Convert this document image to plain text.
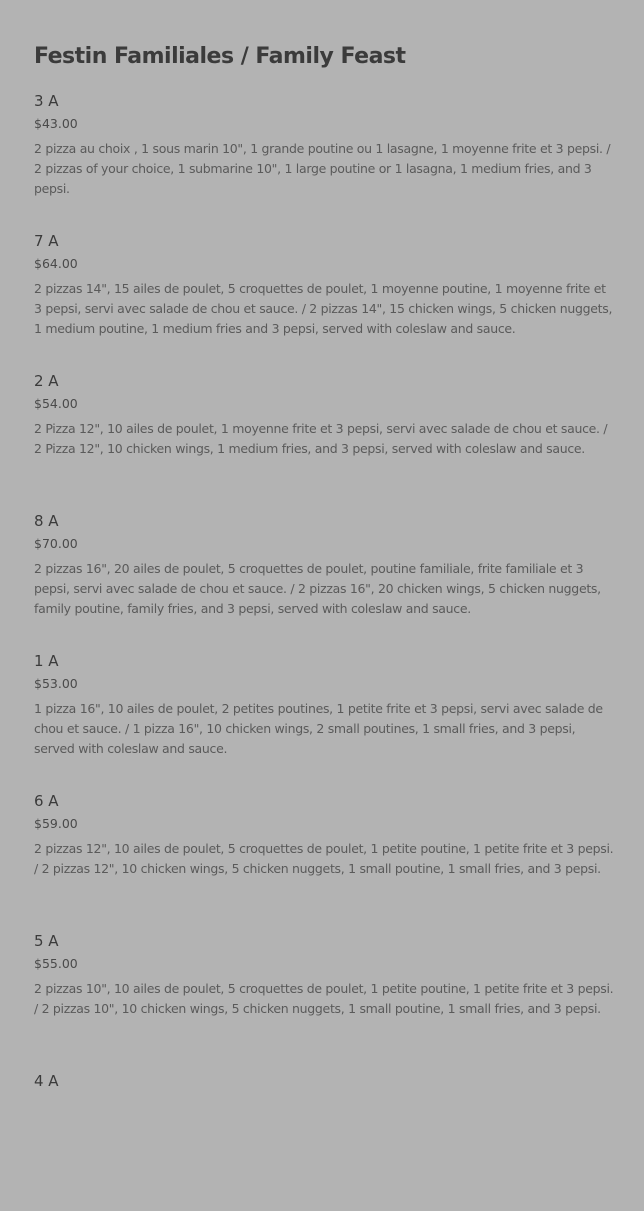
Festin Familiales / Family Feast
3 A
$43.00
2 pizza au choix , 1 sous marin 10", 1 grande poutine ou 1 lasagne, 1 moyenne frite et 3 pepsi. / 2 pizzas of your choice, 1 submarine 10", 1 large poutine or 1 lasagna, 1 medium fries, and 3 pepsi.
7 A
$64.00
2 pizzas 14", 15 ailes de poulet, 5 croquettes de poulet, 1 moyenne poutine, 1 moyenne frite et 3 pepsi, servi avec salade de chou et sauce. / 2 pizzas 14", 15 chicken wings, 5 chicken nuggets, 1 medium poutine, 1 medium fries and 3 pepsi, served with coleslaw and sauce.
2 A
$54.00
2 Pizza 12", 10 ailes de poulet, 1 moyenne frite et 3 pepsi, servi avec salade de chou et sauce. / 2 Pizza 12", 10 chicken wings, 1 medium fries, and 3 pepsi, served with coleslaw and sauce.
8 A
$70.00
2 pizzas 16", 20 ailes de poulet, 5 croquettes de poulet, poutine familiale, frite familiale et 3 pepsi, servi avec salade de chou et sauce. / 2 pizzas 16", 20 chicken wings, 5 chicken nuggets, family poutine, family fries, and 3 pepsi, served with coleslaw and sauce.
1 A
$53.00
1 pizza 16", 10 ailes de poulet, 2 petites poutines, 1 petite frite et 3 pepsi, servi avec salade de chou et sauce. / 1 pizza 16", 10 chicken wings, 2 small poutines, 1 small fries, and 3 pepsi, served with coleslaw and sauce.
6 A
$59.00
2 pizzas 12", 10 ailes de poulet, 5 croquettes de poulet, 1 petite poutine, 1 petite frite et 3 pepsi. / 2 pizzas 12", 10 chicken wings, 5 chicken nuggets, 1 small poutine, 1 small fries, and 3 pepsi.
5 A
$55.00
2 pizzas 10", 10 ailes de poulet, 5 croquettes de poulet, 1 petite poutine, 1 petite frite et 3 pepsi. / 2 pizzas 10", 10 chicken wings, 5 chicken nuggets, 1 small poutine, 1 small fries, and 3 pepsi.
4 A
